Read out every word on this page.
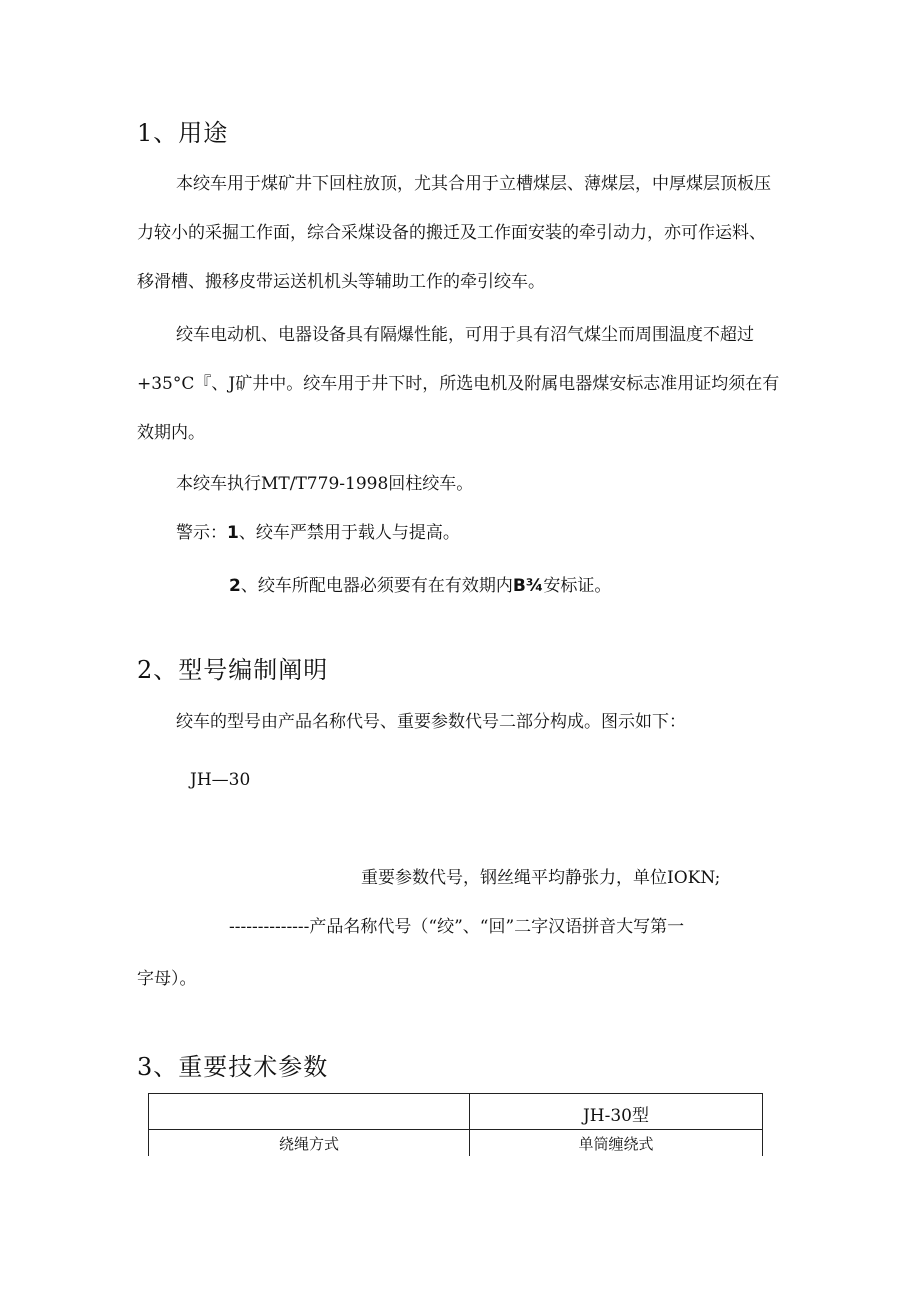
1、用途
本绞车用于煤矿井下回柱放顶，尤其合用于立槽煤层、薄煤层，中厚煤层顶板压
力较小的采掘工作面，综合采煤设备的搬迁及工作面安装的牵引动力，亦可作运料、
移滑槽、搬移皮带运送机机头等辅助工作的牵引绞车。
绞车电动机、电器设备具有隔爆性能，可用于具有沼气煤尘而周围温度不超过
+35°C『、J矿井中。绞车用于井下时，所选电机及附属电器煤安标志准用证均须在有
效期内。
本绞车执行MT/T779-1998回柱绞车。
警示：1、绞车严禁用于载人与提高。
2、绞车所配电器必须要有在有效期内B¾安标证。
2、型号编制阐明
绞车的型号由产品名称代号、重要参数代号二部分构成。图示如下：
JH—30
重要参数代号，钢丝绳平均静张力，单位IOKN;
--------------产品名称代号（“绞”、“回”二字汉语拼音大写第一
字母）。
3、重要技术参数
	JH-30型
绕绳方式	单筒缠绕式
